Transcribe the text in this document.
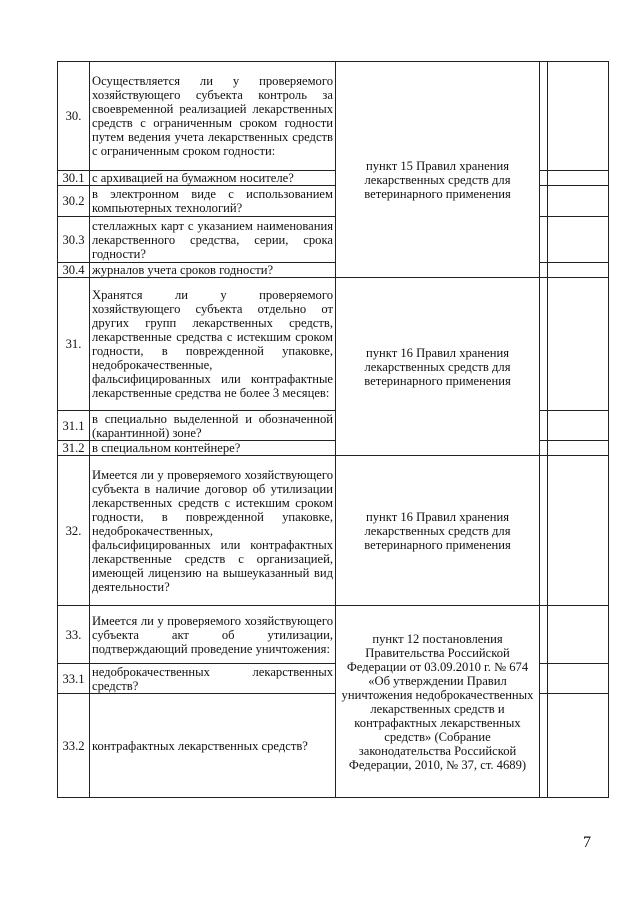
30.	Осуществляется ли у проверяемого хозяйствующего субъекта контроль за своевременной реализацией лекарственных средств с ограниченным сроком годности путем ведения учета лекарственных средств с ограниченным сроком годности:	пункт 15 Правил хранения лекарственных средств для ветеринарного применения		
30.1	с архивацией на бумажном носителе?			
30.2	в электронном виде с использованием компьютерных технологий?			
30.3	стеллажных карт с указанием наименования лекарственного средства, серии, срока годности?			
30.4	журналов учета сроков годности?			
31.	Хранятся ли у проверяемого хозяйствующего субъекта отдельно от других групп лекарственных средств, лекарственные средства с истекшим сроком годности, в поврежденной упаковке, недоброкачественные, фальсифицированных или контрафактные лекарственные средства не более 3 месяцев:	пункт 16 Правил хранения лекарственных средств для ветеринарного применения		
31.1	в специально выделенной и обозначенной (карантинной) зоне?			
31.2	в специальном контейнере?			
32.	Имеется ли у проверяемого хозяйствующего субъекта в наличие договор об утилизации лекарственных средств с истекшим сроком годности, в поврежденной упаковке, недоброкачественных, фальсифицированных или контрафактных лекарственные средств с организацией, имеющей лицензию на вышеуказанный вид деятельности?	пункт 16 Правил хранения лекарственных средств для ветеринарного применения		
33.	Имеется ли у проверяемого хозяйствующего субъекта акт об утилизации, подтверждающий проведение уничтожения:	пункт 12 постановления Правительства Российской Федерации от 03.09.2010 г. № 674 «Об утверждении Правил уничтожения недоброкачественных лекарственных средств и контрафактных лекарственных средств» (Собрание законодательства Российской Федерации, 2010, № 37, ст. 4689)		
33.1	недоброкачественных лекарственных средств?			
33.2	контрафактных лекарственных средств?			
7
